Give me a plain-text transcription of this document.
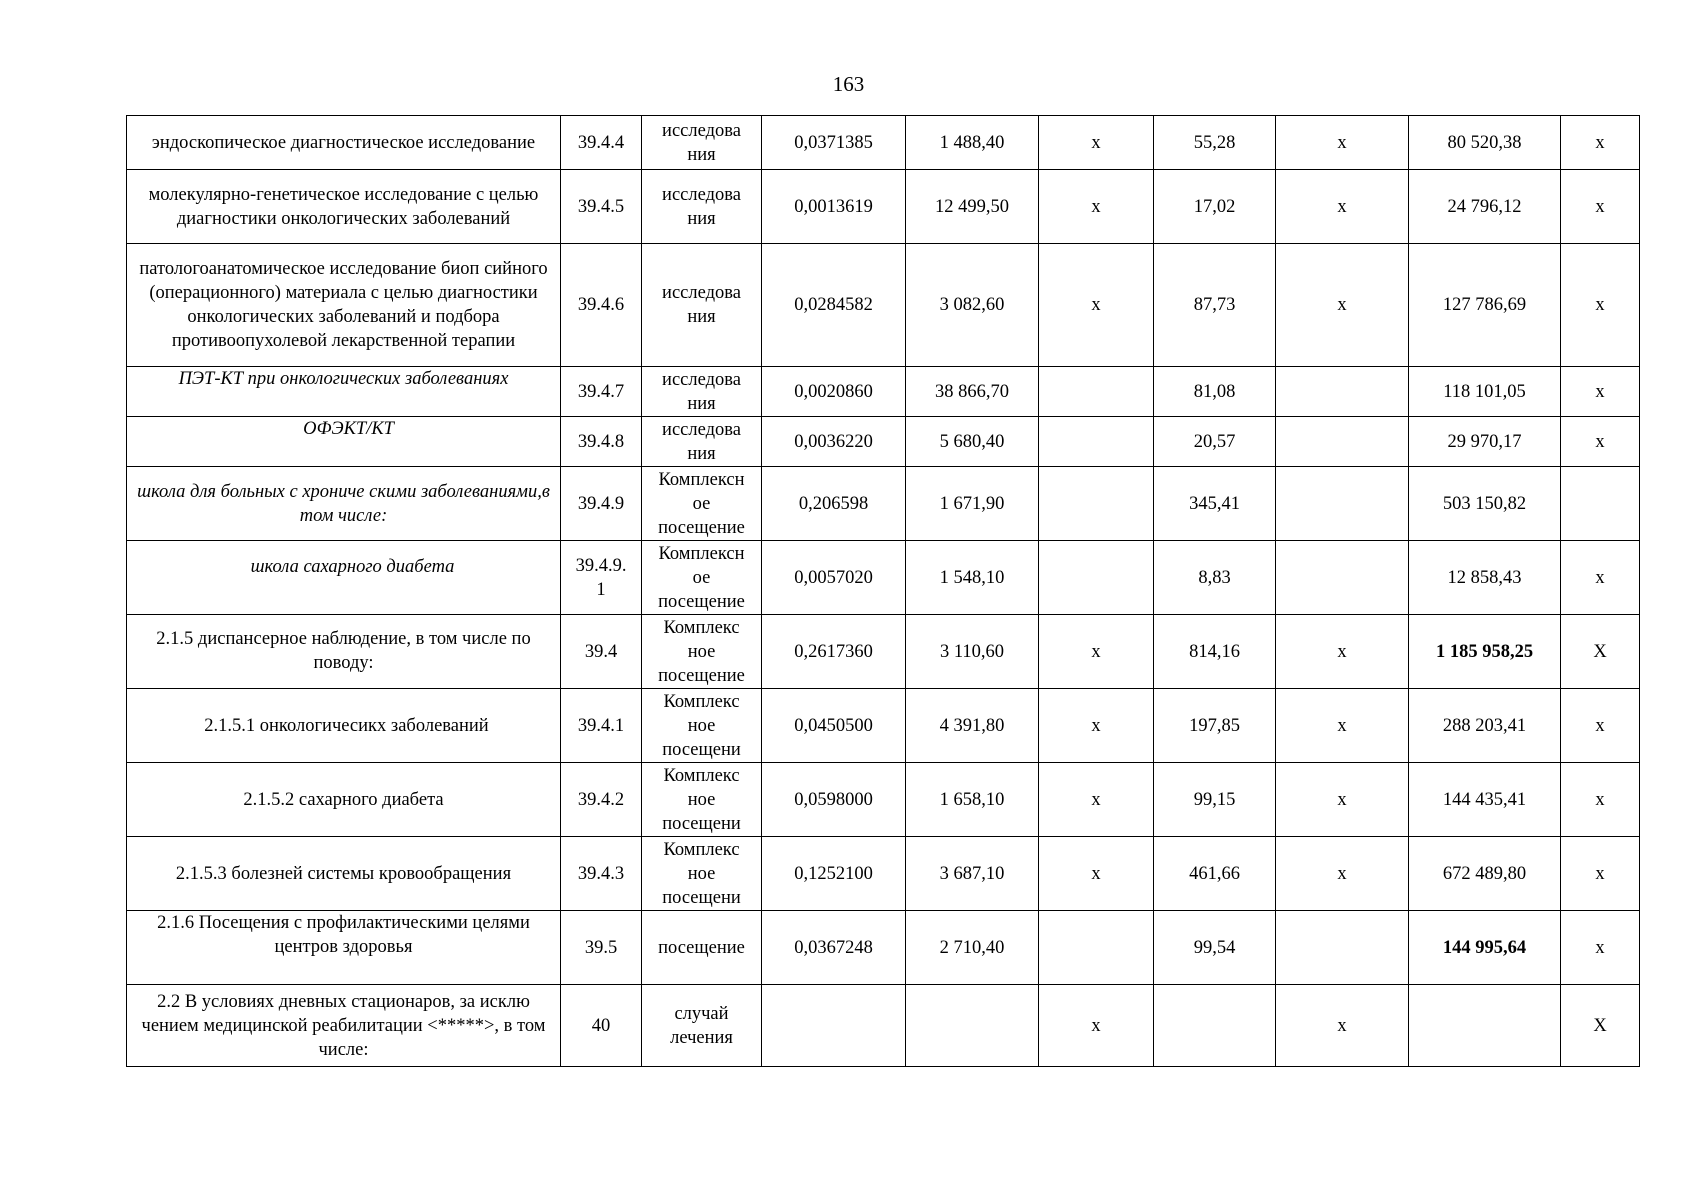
163
эндоскопическое диагностическое исследование	39.4.4	исследова ния	0,0371385	1 488,40	х	55,28	х	80 520,38	х
молекулярно-генетическое исследование с целью диагностики онкологических заболеваний	39.4.5	исследова ния	0,0013619	12 499,50	х	17,02	х	24 796,12	х
патологоанатомическое исследование биоп сийного (операционного) материала с целью диагностики онкологических заболеваний и подбора противоопухолевой лекарственной терапии	39.4.6	исследова ния	0,0284582	3 082,60	х	87,73	х	127 786,69	х
ПЭТ-КТ при онкологических заболеваниях	39.4.7	исследова ния	0,0020860	38 866,70		81,08		118 101,05	х
ОФЭКТ/КТ	39.4.8	исследова ния	0,0036220	5 680,40		20,57		29 970,17	х
школа для больных с хрониче скими заболеваниями,в том числе:	39.4.9	Комплексн ое посещение	0,206598	1 671,90		345,41		503 150,82	
школа сахарного диабета	39.4.9. 1	Комплексн ое посещение	0,0057020	1 548,10		8,83		12 858,43	х
2.1.5 диспансерное наблюдение, в том числе по поводу:	39.4	Комплекс ное посещение	0,2617360	3 110,60	х	814,16	х	1 185 958,25	Х
2.1.5.1 онкологичесикх заболеваний	39.4.1	Комплекс ное посещени	0,0450500	4 391,80	х	197,85	х	288 203,41	х
2.1.5.2 сахарного диабета	39.4.2	Комплекс ное посещени	0,0598000	1 658,10	х	99,15	х	144 435,41	х
2.1.5.3 болезней системы кровообращения	39.4.3	Комплекс ное посещени	0,1252100	3 687,10	х	461,66	х	672 489,80	х
2.1.6 Посещения с профилактическими целями центров здоровья	39.5	посещение	0,0367248	2 710,40		99,54		144 995,64	х
2.2 В условиях дневных стационаров, за исклю чением медицинской реабилитации <*****>, в том числе:	40	случай лечения			х		х		Х
